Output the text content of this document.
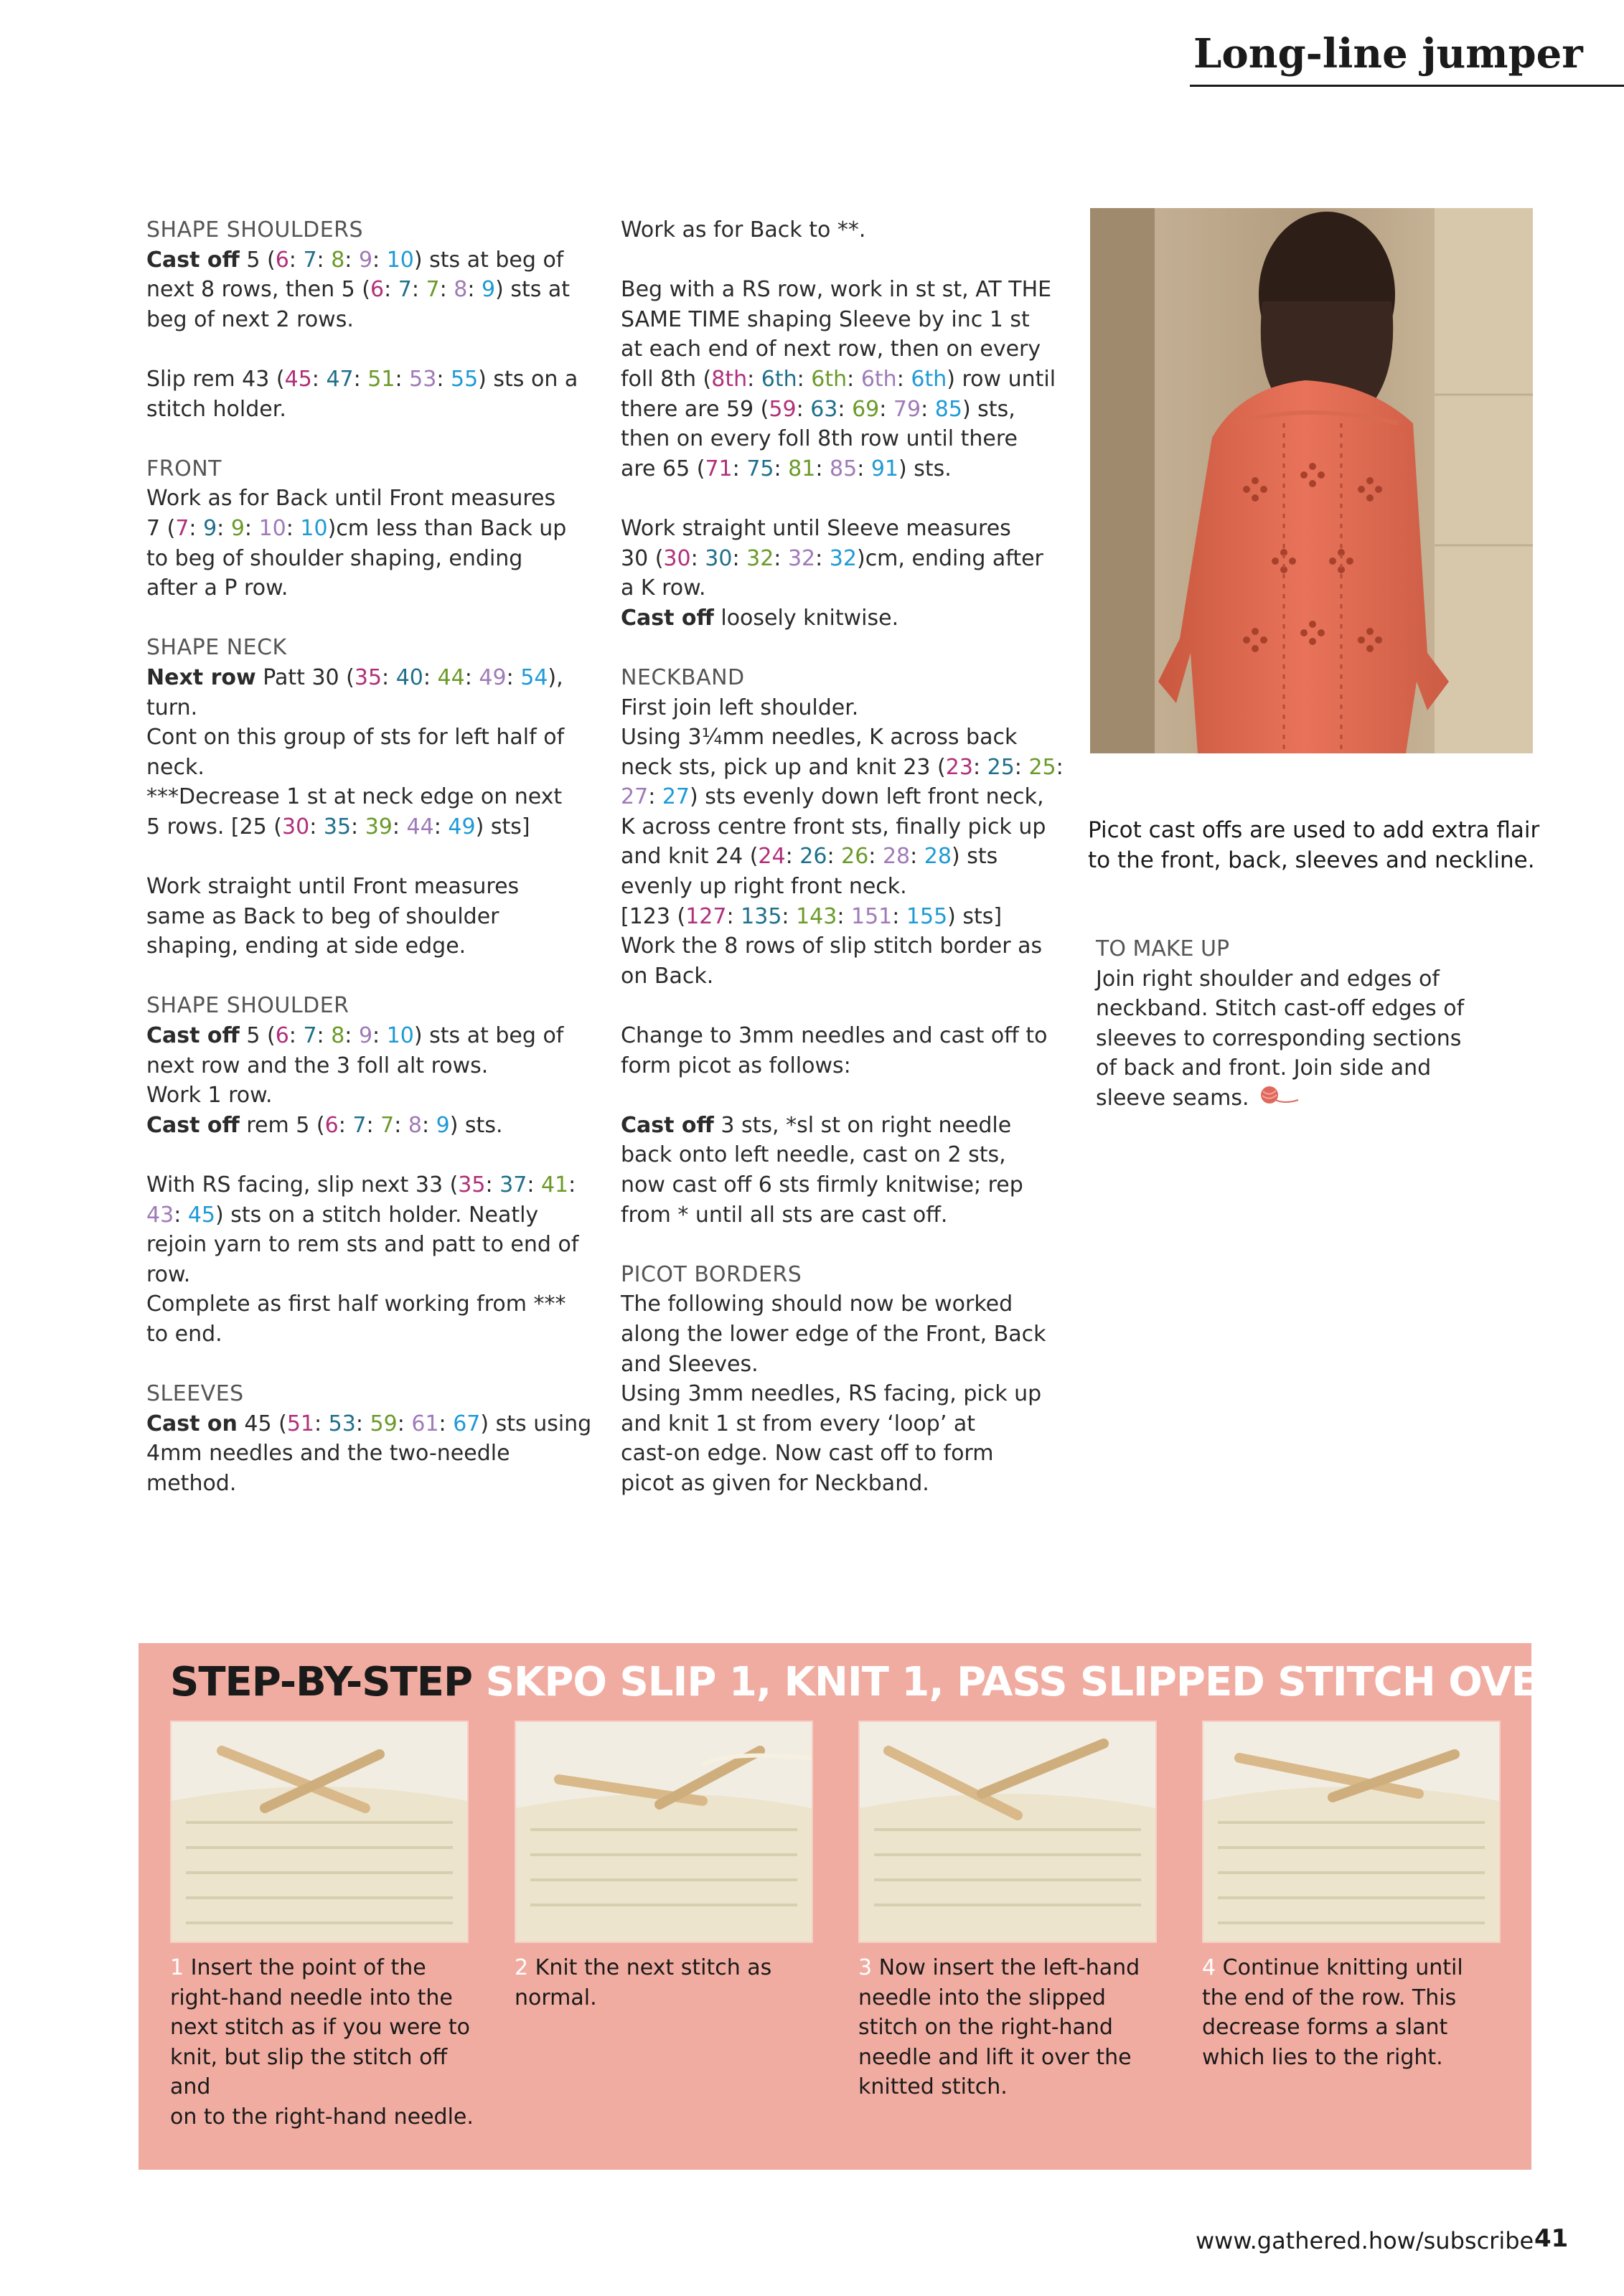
Long-line jumper

SHAPE SHOULDERS

Cast off 5 (6: 7: 8: 9: 10) sts at beg of

next 8 rows, then 5 (6: 7: 7: 8: 9) sts at

beg of next 2 rows.

Slip rem 43 (45: 47: 51: 53: 55) sts on a

stitch holder.

FRONT

Work as for Back until Front measures

7 (7: 9: 9: 10: 10)cm less than Back up

to beg of shoulder shaping, ending

after a P row.

SHAPE NECK

Next row Patt 30 (35: 40: 44: 49: 54),

turn.

Cont on this group of sts for left half of

neck.

***Decrease 1 st at neck edge on next

5 rows. [25 (30: 35: 39: 44: 49) sts]

Work straight until Front measures

same as Back to beg of shoulder

shaping, ending at side edge.

SHAPE SHOULDER

Cast off 5 (6: 7: 8: 9: 10) sts at beg of

next row and the 3 foll alt rows.

Work 1 row.

Cast off rem 5 (6: 7: 7: 8: 9) sts.

With RS facing, slip next 33 (35: 37: 41:

43: 45) sts on a stitch holder. Neatly

rejoin yarn to rem sts and patt to end of

row.

Complete as first half working from ***

to end.

SLEEVES

Cast on 45 (51: 53: 59: 61: 67) sts using

4mm needles and the two-needle

method.

Work as for Back to **.

Beg with a RS row, work in st st, AT THE

SAME TIME shaping Sleeve by inc 1 st

at each end of next row, then on every

foll 8th (8th: 6th: 6th: 6th: 6th) row until

there are 59 (59: 63: 69: 79: 85) sts,

then on every foll 8th row until there

are 65 (71: 75: 81: 85: 91) sts.

Work straight until Sleeve measures

30 (30: 30: 32: 32: 32)cm, ending after

a K row.

Cast off loosely knitwise.

NECKBAND

First join left shoulder.

Using 3¼mm needles, K across back

neck sts, pick up and knit 23 (23: 25: 25:

27: 27) sts evenly down left front neck,

K across centre front sts, finally pick up

and knit 24 (24: 26: 26: 28: 28) sts

evenly up right front neck.

[123 (127: 135: 143: 151: 155) sts]

Work the 8 rows of slip stitch border as

on Back.

Change to 3mm needles and cast off to

form picot as follows:

Cast off 3 sts, *sl st on right needle

back onto left needle, cast on 2 sts,

now cast off 6 sts firmly knitwise; rep

from * until all sts are cast off.

PICOT BORDERS

The following should now be worked

along the lower edge of the Front, Back

and Sleeves.

Using 3mm needles, RS facing, pick up

and knit 1 st from every ‘loop’ at

cast-on edge. Now cast off to form

picot as given for Neckband.

Picot cast offs are used to add extra flair
to the front, back, sleeves and neckline.

TO MAKE UP

Join right shoulder and edges of

neckband. Stitch cast-off edges of

sleeves to corresponding sections

of back and front. Join side and

sleeve seams.

STEP-BY-STEP SKPO SLIP 1, KNIT 1, PASS SLIPPED STITCH OVER
1 Insert the point of the
right-hand needle into the
next stitch as if you were to
knit, but slip the stitch off and
on to the right-hand needle.
2 Knit the next stitch as
normal.
3 Now insert the left-hand
needle into the slipped
stitch on the right-hand
needle and lift it over the
knitted stitch.
4 Continue knitting until
the end of the row. This
decrease forms a slant
which lies to the right.
www.gathered.how/subscribe 41
